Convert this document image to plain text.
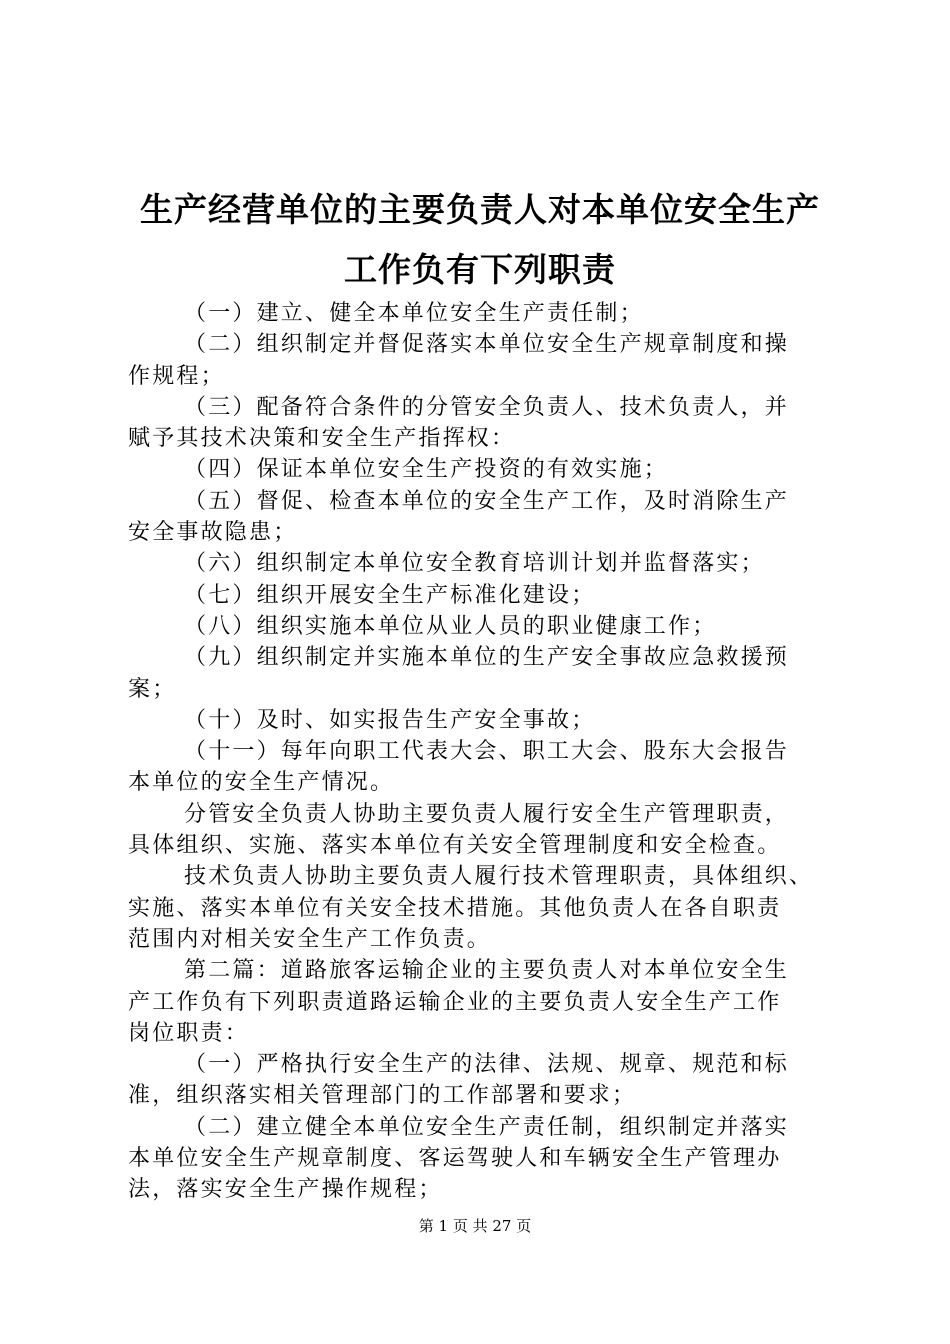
生产经营单位的主要负责人对本单位安全生产
工作负有下列职责
（一）建立、健全本单位安全生产责任制；
（二）组织制定并督促落实本单位安全生产规章制度和操
作规程；
（三）配备符合条件的分管安全负责人、技术负责人，并
赋予其技术决策和安全生产指挥权：
（四）保证本单位安全生产投资的有效实施；
（五）督促、检查本单位的安全生产工作，及时消除生产
安全事故隐患；
（六）组织制定本单位安全教育培训计划并监督落实；
（七）组织开展安全生产标准化建设；
（八）组织实施本单位从业人员的职业健康工作；
（九）组织制定并实施本单位的生产安全事故应急救援预
案；
（十）及时、如实报告生产安全事故；
（十一）每年向职工代表大会、职工大会、股东大会报告
本单位的安全生产情况。
分管安全负责人协助主要负责人履行安全生产管理职责，
具体组织、实施、落实本单位有关安全管理制度和安全检查。
技术负责人协助主要负责人履行技术管理职责，具体组织、
实施、落实本单位有关安全技术措施。其他负责人在各自职责
范围内对相关安全生产工作负责。
第二篇：道路旅客运输企业的主要负责人对本单位安全生
产工作负有下列职责道路运输企业的主要负责人安全生产工作
岗位职责：
（一）严格执行安全生产的法律、法规、规章、规范和标
准，组织落实相关管理部门的工作部署和要求；
（二）建立健全本单位安全生产责任制，组织制定并落实
本单位安全生产规章制度、客运驾驶人和车辆安全生产管理办
法，落实安全生产操作规程；
第 1 页 共 27 页
